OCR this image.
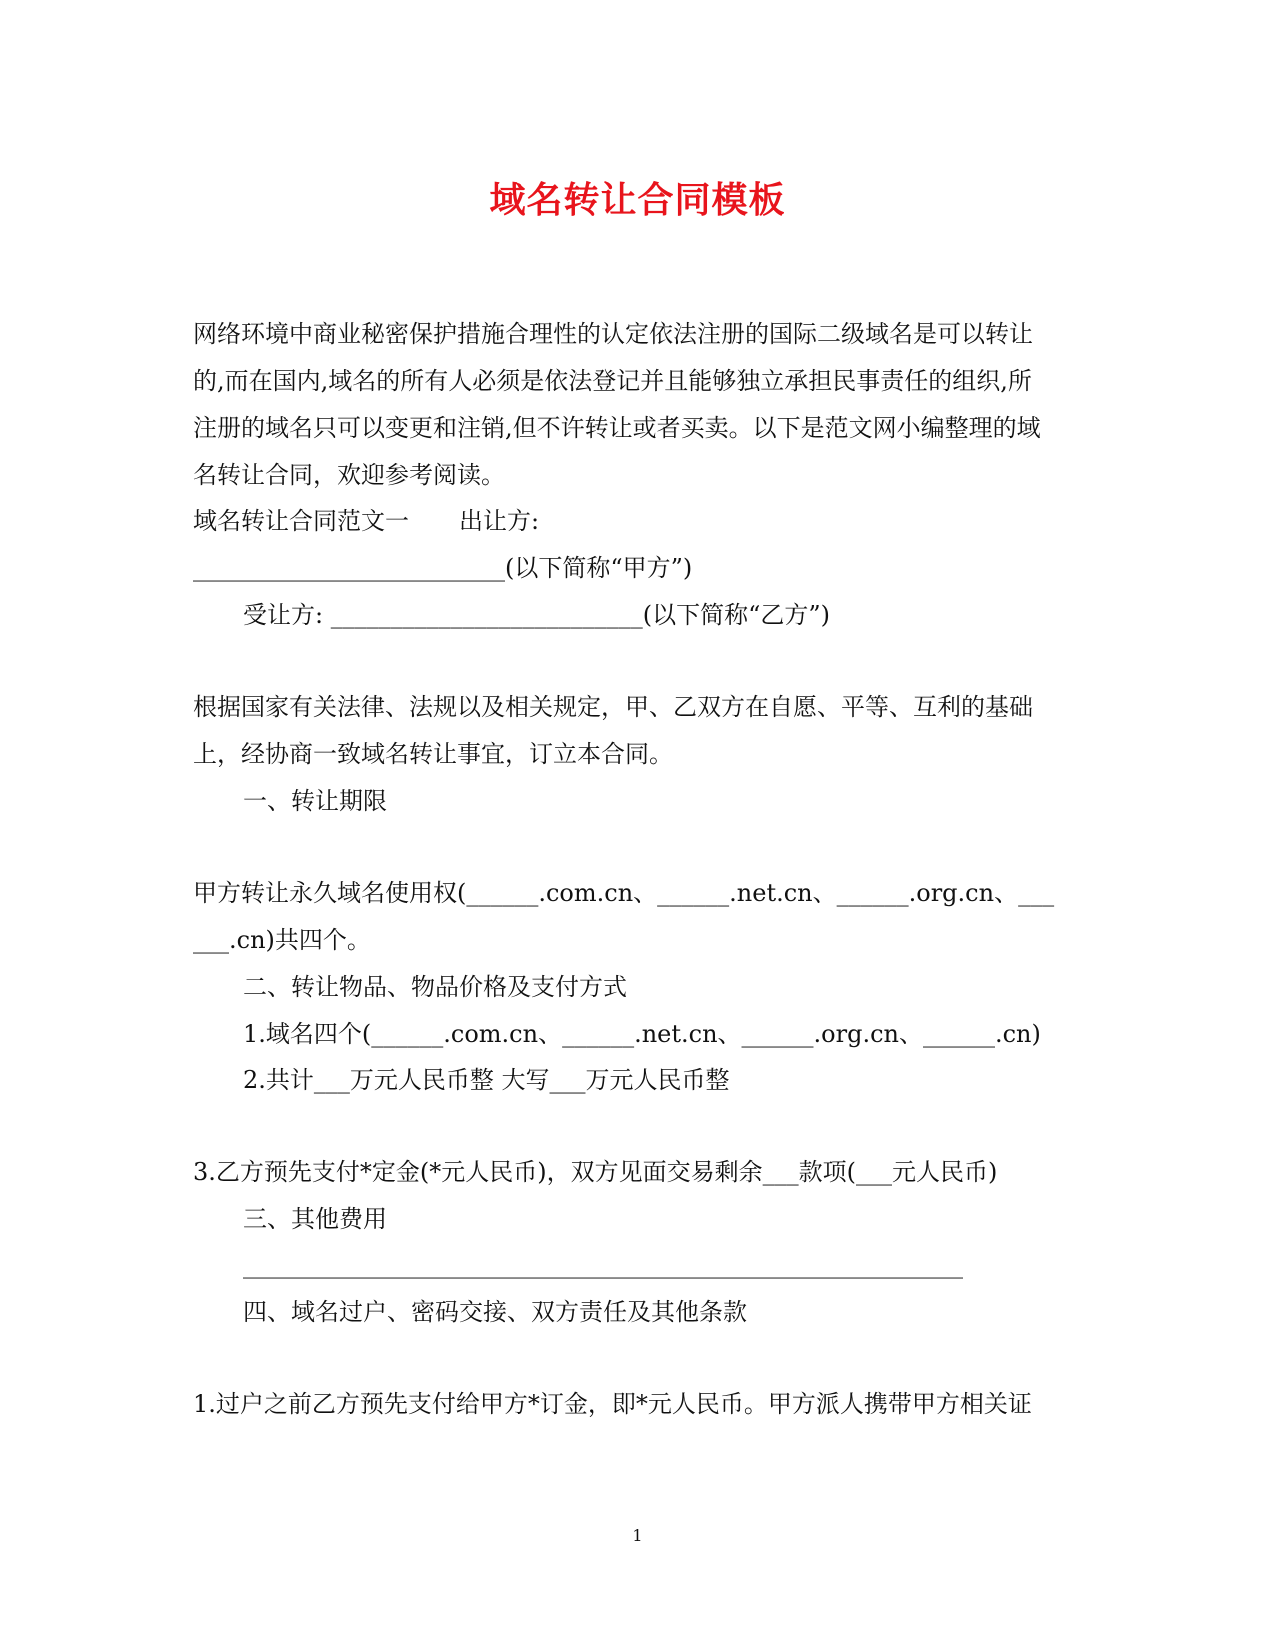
域名转让合同模板
网络环境中商业秘密保护措施合理性的认定依法注册的国际二级域名是可以转让
的,而在国内,域名的所有人必须是依法登记并且能够独立承担民事责任的组织,所
注册的域名只可以变更和注销,但不许转让或者买卖。以下是范文网小编整理的域
名转让合同，欢迎参考阅读。
域名转让合同范文一 出让方:
__________________________(以下简称“甲方”)
受让方: __________________________(以下简称“乙方”)
根据国家有关法律、法规以及相关规定，甲、乙双方在自愿、平等、互利的基础
上，经协商一致域名转让事宜，订立本合同。
一、转让期限
甲方转让永久域名使用权(______.com.cn、______.net.cn、______.org.cn、___
___.cn)共四个。
二、转让物品、物品价格及支付方式
1.域名四个(______.com.cn、______.net.cn、______.org.cn、______.cn)
2.共计___万元人民币整 大写___万元人民币整
3.乙方预先支付*定金(*元人民币)，双方见面交易剩余___款项(___元人民币)
三、其他费用
____________________________________________________________
四、域名过户、密码交接、双方责任及其他条款
1.过户之前乙方预先支付给甲方*订金，即*元人民币。甲方派人携带甲方相关证
1
